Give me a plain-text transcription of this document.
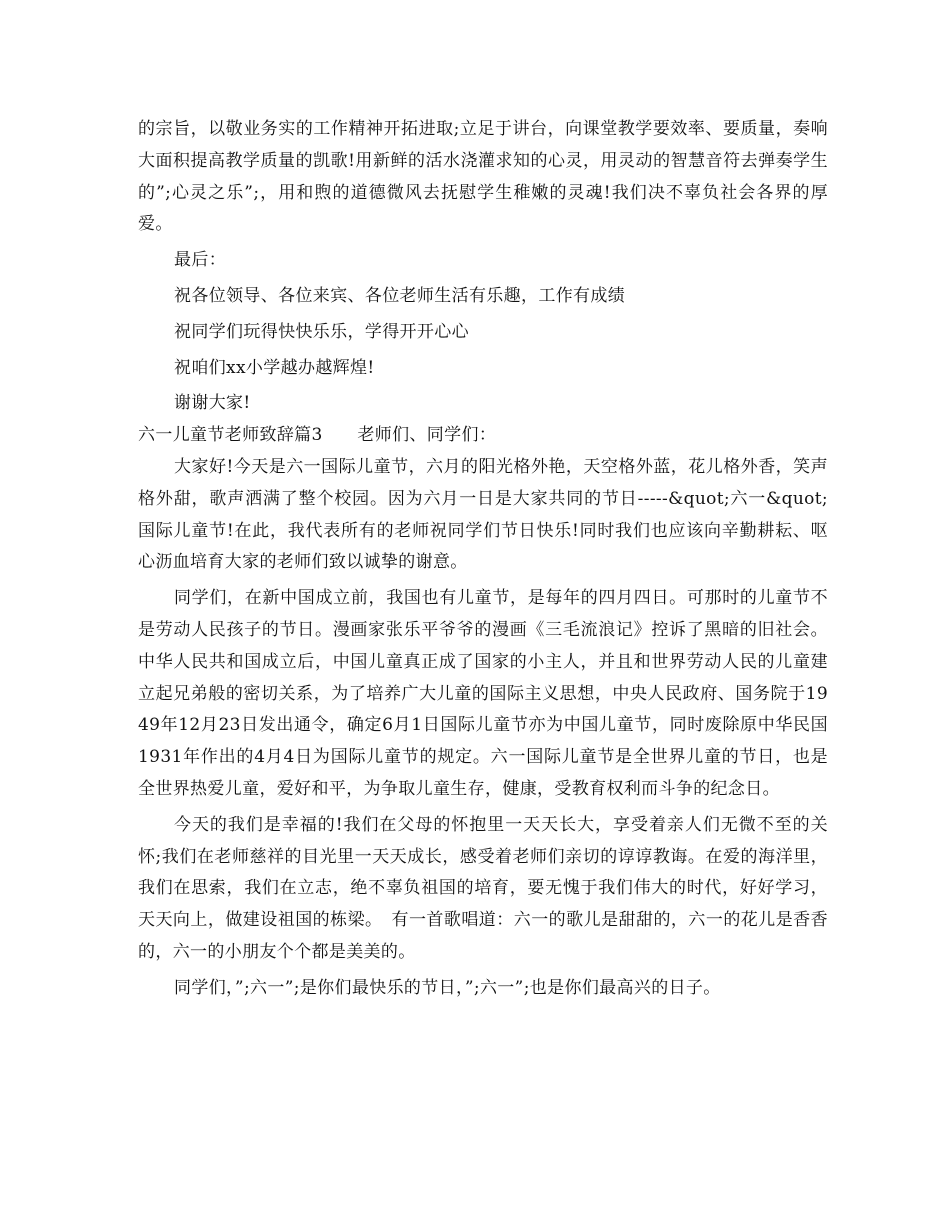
的宗旨，以敬业务实的工作精神开拓进取;立足于讲台，向课堂教学要效率、要质量，奏响大面积提高教学质量的凯歌!用新鲜的活水浇灌求知的心灵，用灵动的智慧音符去弹奏学生的”;心灵之乐”;，用和煦的道德微风去抚慰学生稚嫩的灵魂!我们决不辜负社会各界的厚爱。

最后：

祝各位领导、各位来宾、各位老师生活有乐趣，工作有成绩

祝同学们玩得快快乐乐，学得开开心心

祝咱们xx小学越办越辉煌!

谢谢大家!

六一儿童节老师致辞篇3　　老师们、同学们：

大家好!今天是六一国际儿童节，六月的阳光格外艳，天空格外蓝，花儿格外香，笑声格外甜，歌声洒满了整个校园。因为六月一日是大家共同的节日-----&quot;六一&quot;国际儿童节!在此，我代表所有的老师祝同学们节日快乐!同时我们也应该向辛勤耕耘、呕心沥血培育大家的老师们致以诚挚的谢意。

同学们，在新中国成立前，我国也有儿童节，是每年的四月四日。可那时的儿童节不是劳动人民孩子的节日。漫画家张乐平爷爷的漫画《三毛流浪记》控诉了黑暗的旧社会。中华人民共和国成立后，中国儿童真正成了国家的小主人，并且和世界劳动人民的儿童建立起兄弟般的密切关系，为了培养广大儿童的国际主义思想，中央人民政府、国务院于1949年12月23日发出通令，确定6月1日国际儿童节亦为中国儿童节，同时废除原中华民国1931年作出的4月4日为国际儿童节的规定。六一国际儿童节是全世界儿童的节日，也是全世界热爱儿童，爱好和平，为争取儿童生存，健康，受教育权利而斗争的纪念日。

今天的我们是幸福的!我们在父母的怀抱里一天天长大，享受着亲人们无微不至的关怀;我们在老师慈祥的目光里一天天成长，感受着老师们亲切的谆谆教诲。在爱的海洋里，我们在思索，我们在立志，绝不辜负祖国的培育，要无愧于我们伟大的时代，好好学习，天天向上，做建设祖国的栋梁。　有一首歌唱道：六一的歌儿是甜甜的，六一的花儿是香香的，六一的小朋友个个都是美美的。

同学们，”;六一”;是你们最快乐的节日，”;六一”;也是你们最高兴的日子。
